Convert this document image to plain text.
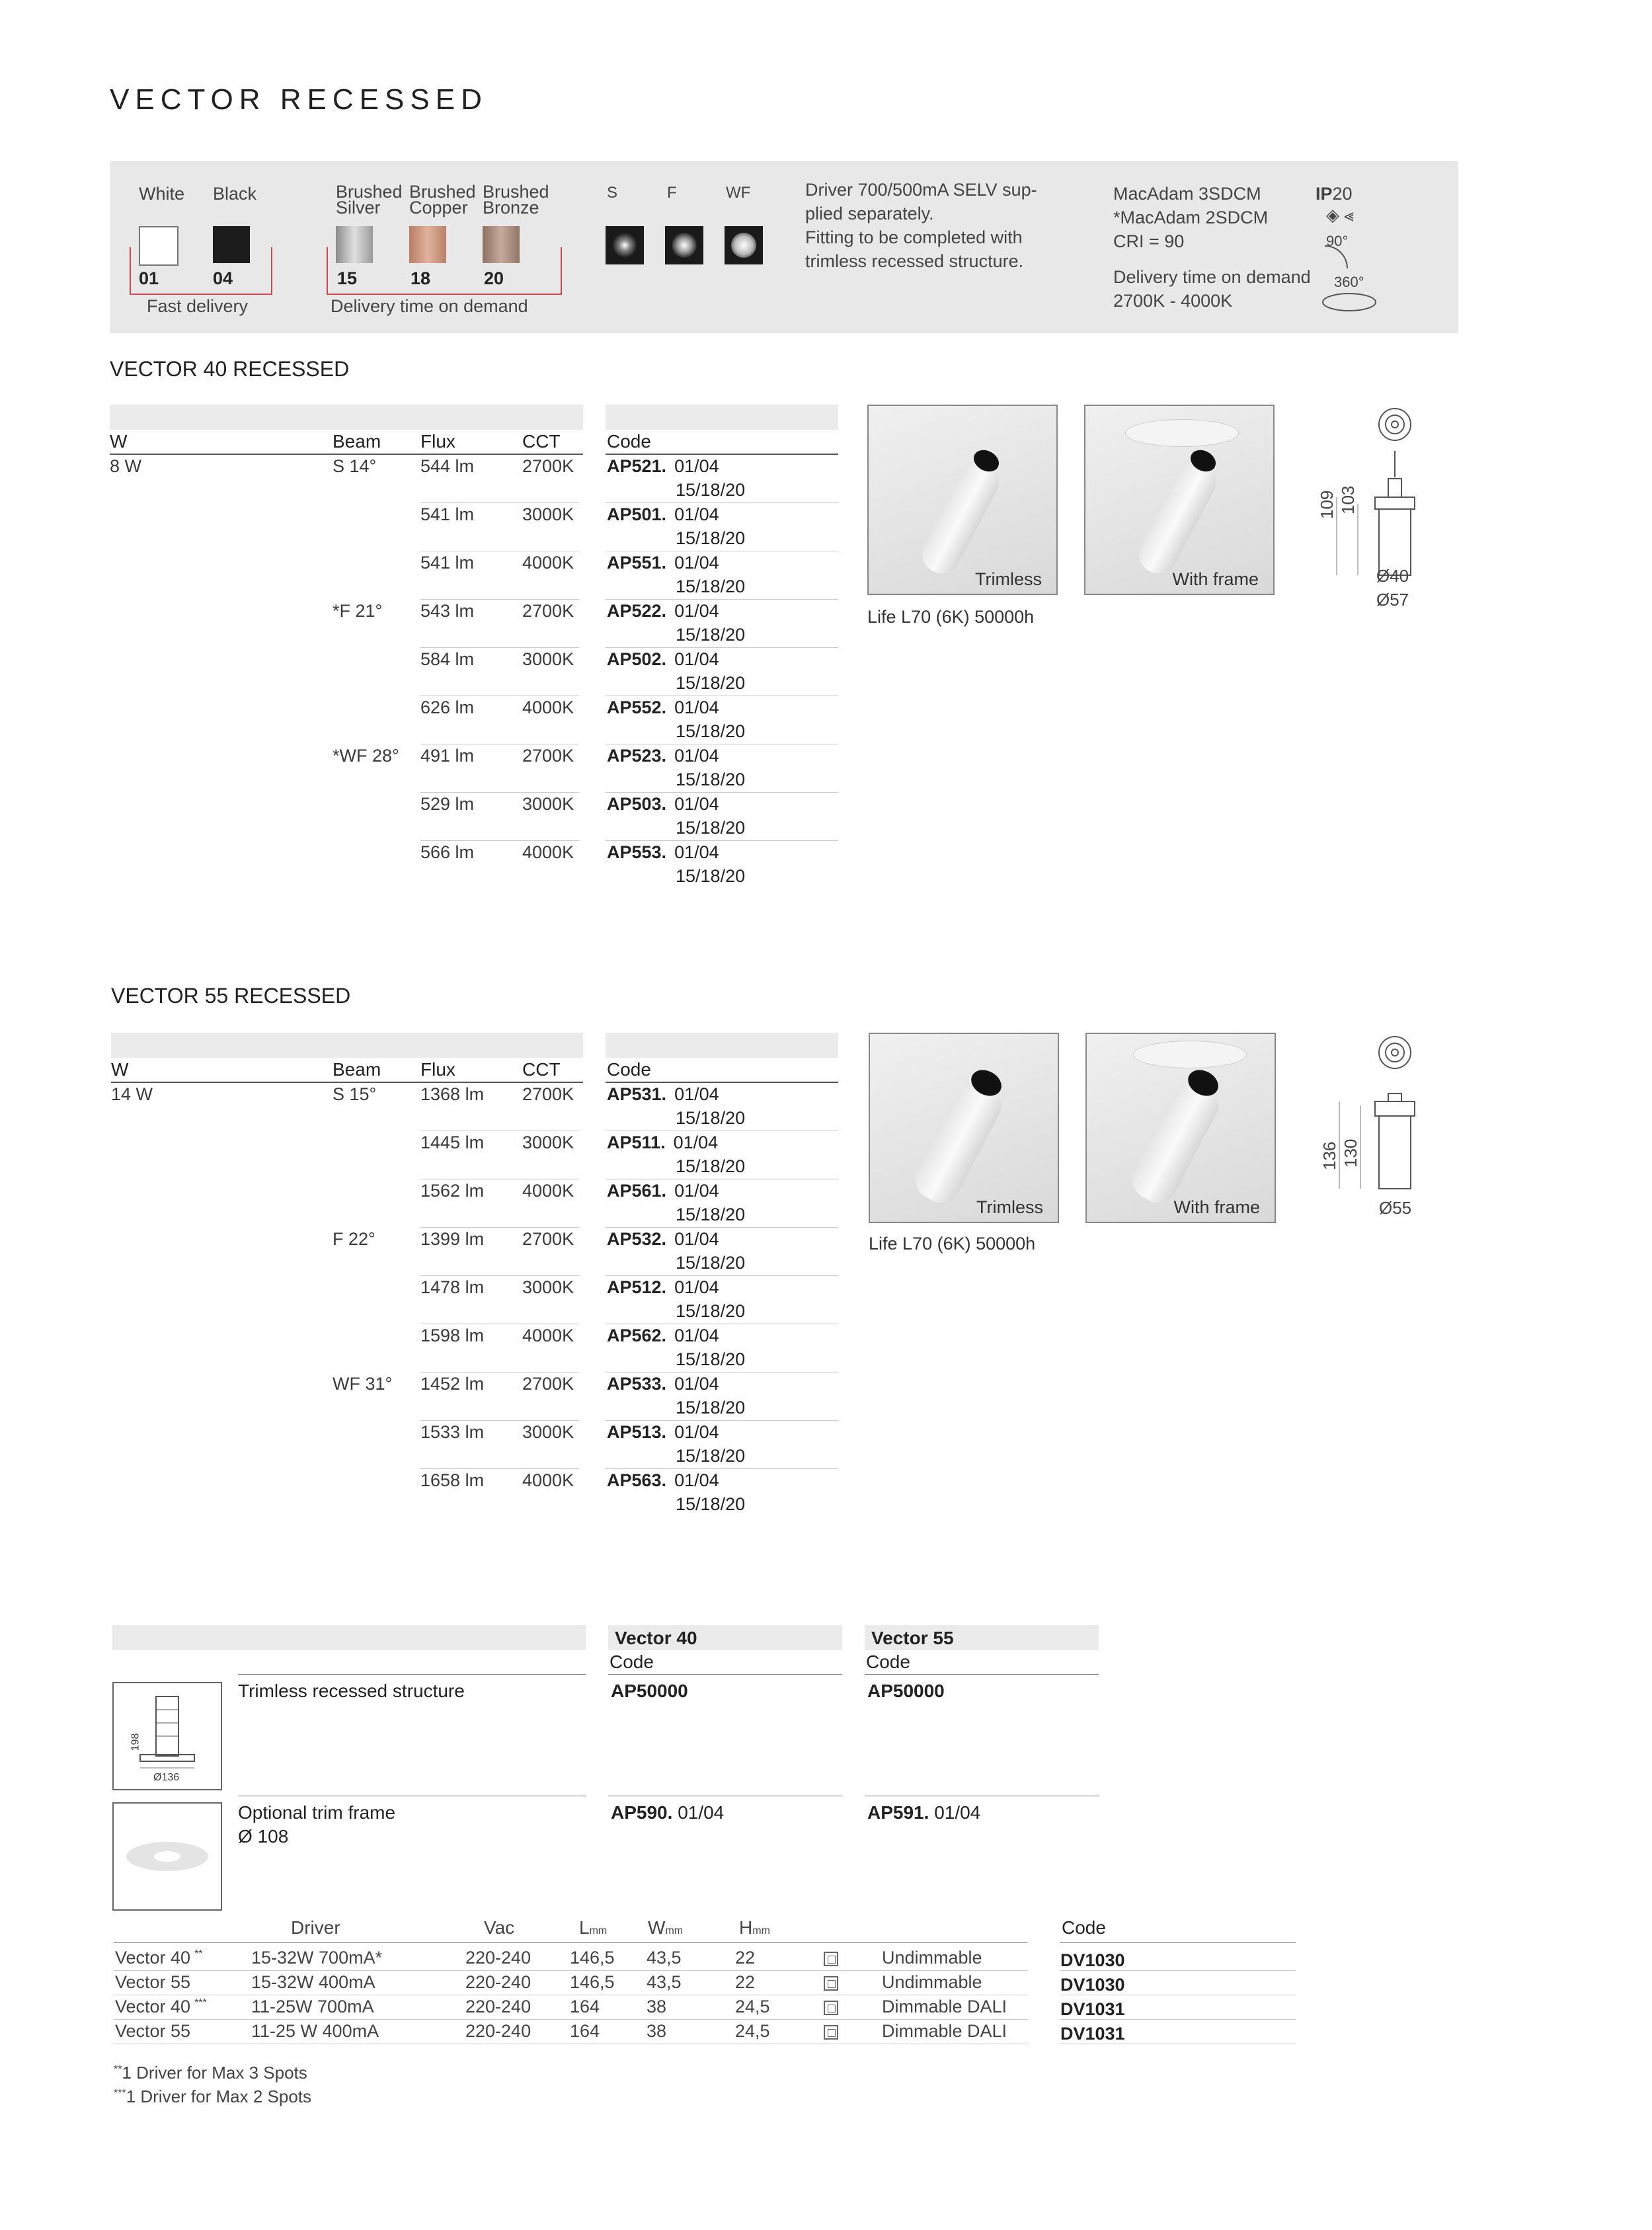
VECTOR RECESSED
White Black	Brushed Silver
Brushed Copper
Brushed Bronze
01	04	15	18	20
Fast delivery	Delivery time on demand
S	F	WF	Driver 700/500mA SELV sup-
plied separately.
Fitting to be completed with
trimless recessed structure.
MacAdam 3SDCM
*MacAdam 2SDCM
CRI = 90
Delivery time on demand
2700K - 4000K
IP20
◈ ⪡
90°
360°
VECTOR 40 RECESSED
W	Beam Flux	CCT	Code
8 W	S 14° 544 lm	2700K AP521. 01/04
15/18/20
541 lm	3000K AP501. 01/04
15/18/20
541 lm	4000K AP551. 01/04
15/18/20
*F 21° 543 lm	2700K AP522. 01/04
15/18/20
584 lm	3000K AP502. 01/04
15/18/20
626 lm	4000K AP552. 01/04
15/18/20
*WF 28° 491 lm	2700K AP523. 01/04
15/18/20
529 lm	3000K AP503. 01/04
15/18/20
566 lm	4000K AP553. 01/04
15/18/20
Trimless	With frame
Life L70 (6K) 50000h
109 103
Ø40
Ø57
VECTOR 55 RECESSED
W	Beam Flux	CCT	Code
14 W	S 15° 1368 lm 2700K AP531. 01/04
15/18/20
1445 lm 3000K AP511. 01/04
15/18/20
1562 lm 4000K AP561. 01/04
15/18/20
F 22°	1399 lm 2700K AP532. 01/04
15/18/20
1478 lm 3000K AP512. 01/04
15/18/20
1598 lm 4000K AP562. 01/04
15/18/20
WF 31° 1452 lm 2700K AP533. 01/04
15/18/20
1533 lm 3000K AP513. 01/04
15/18/20
1658 lm 4000K AP563. 01/04
15/18/20
Trimless	With frame
Life L70 (6K) 50000h
136 130
Ø55
Vector 40	Vector 55
Code	Code
198
Ø136
Trimless recessed structure	AP50000	AP50000
Optional trim frame
Ø 108
AP590. 01/04	AP591. 01/04
Driver	Vac	Lmm Wmm	Hmm	Code
Vector 40 **	15-32W 700mA*	220-240 146,5 43,5	22	Undimmable	DV1030
Vector 55	15-32W 400mA	220-240 146,5 43,5	22	Undimmable	DV1030
Vector 40 *** 11-25W 700mA	220-240 164	38	24,5	Dimmable DALI	DV1031
Vector 55	11-25 W 400mA	220-240 164	38	24,5	Dimmable DALI	DV1031
**1 Driver for Max 3 Spots
***1 Driver for Max 2 Spots
